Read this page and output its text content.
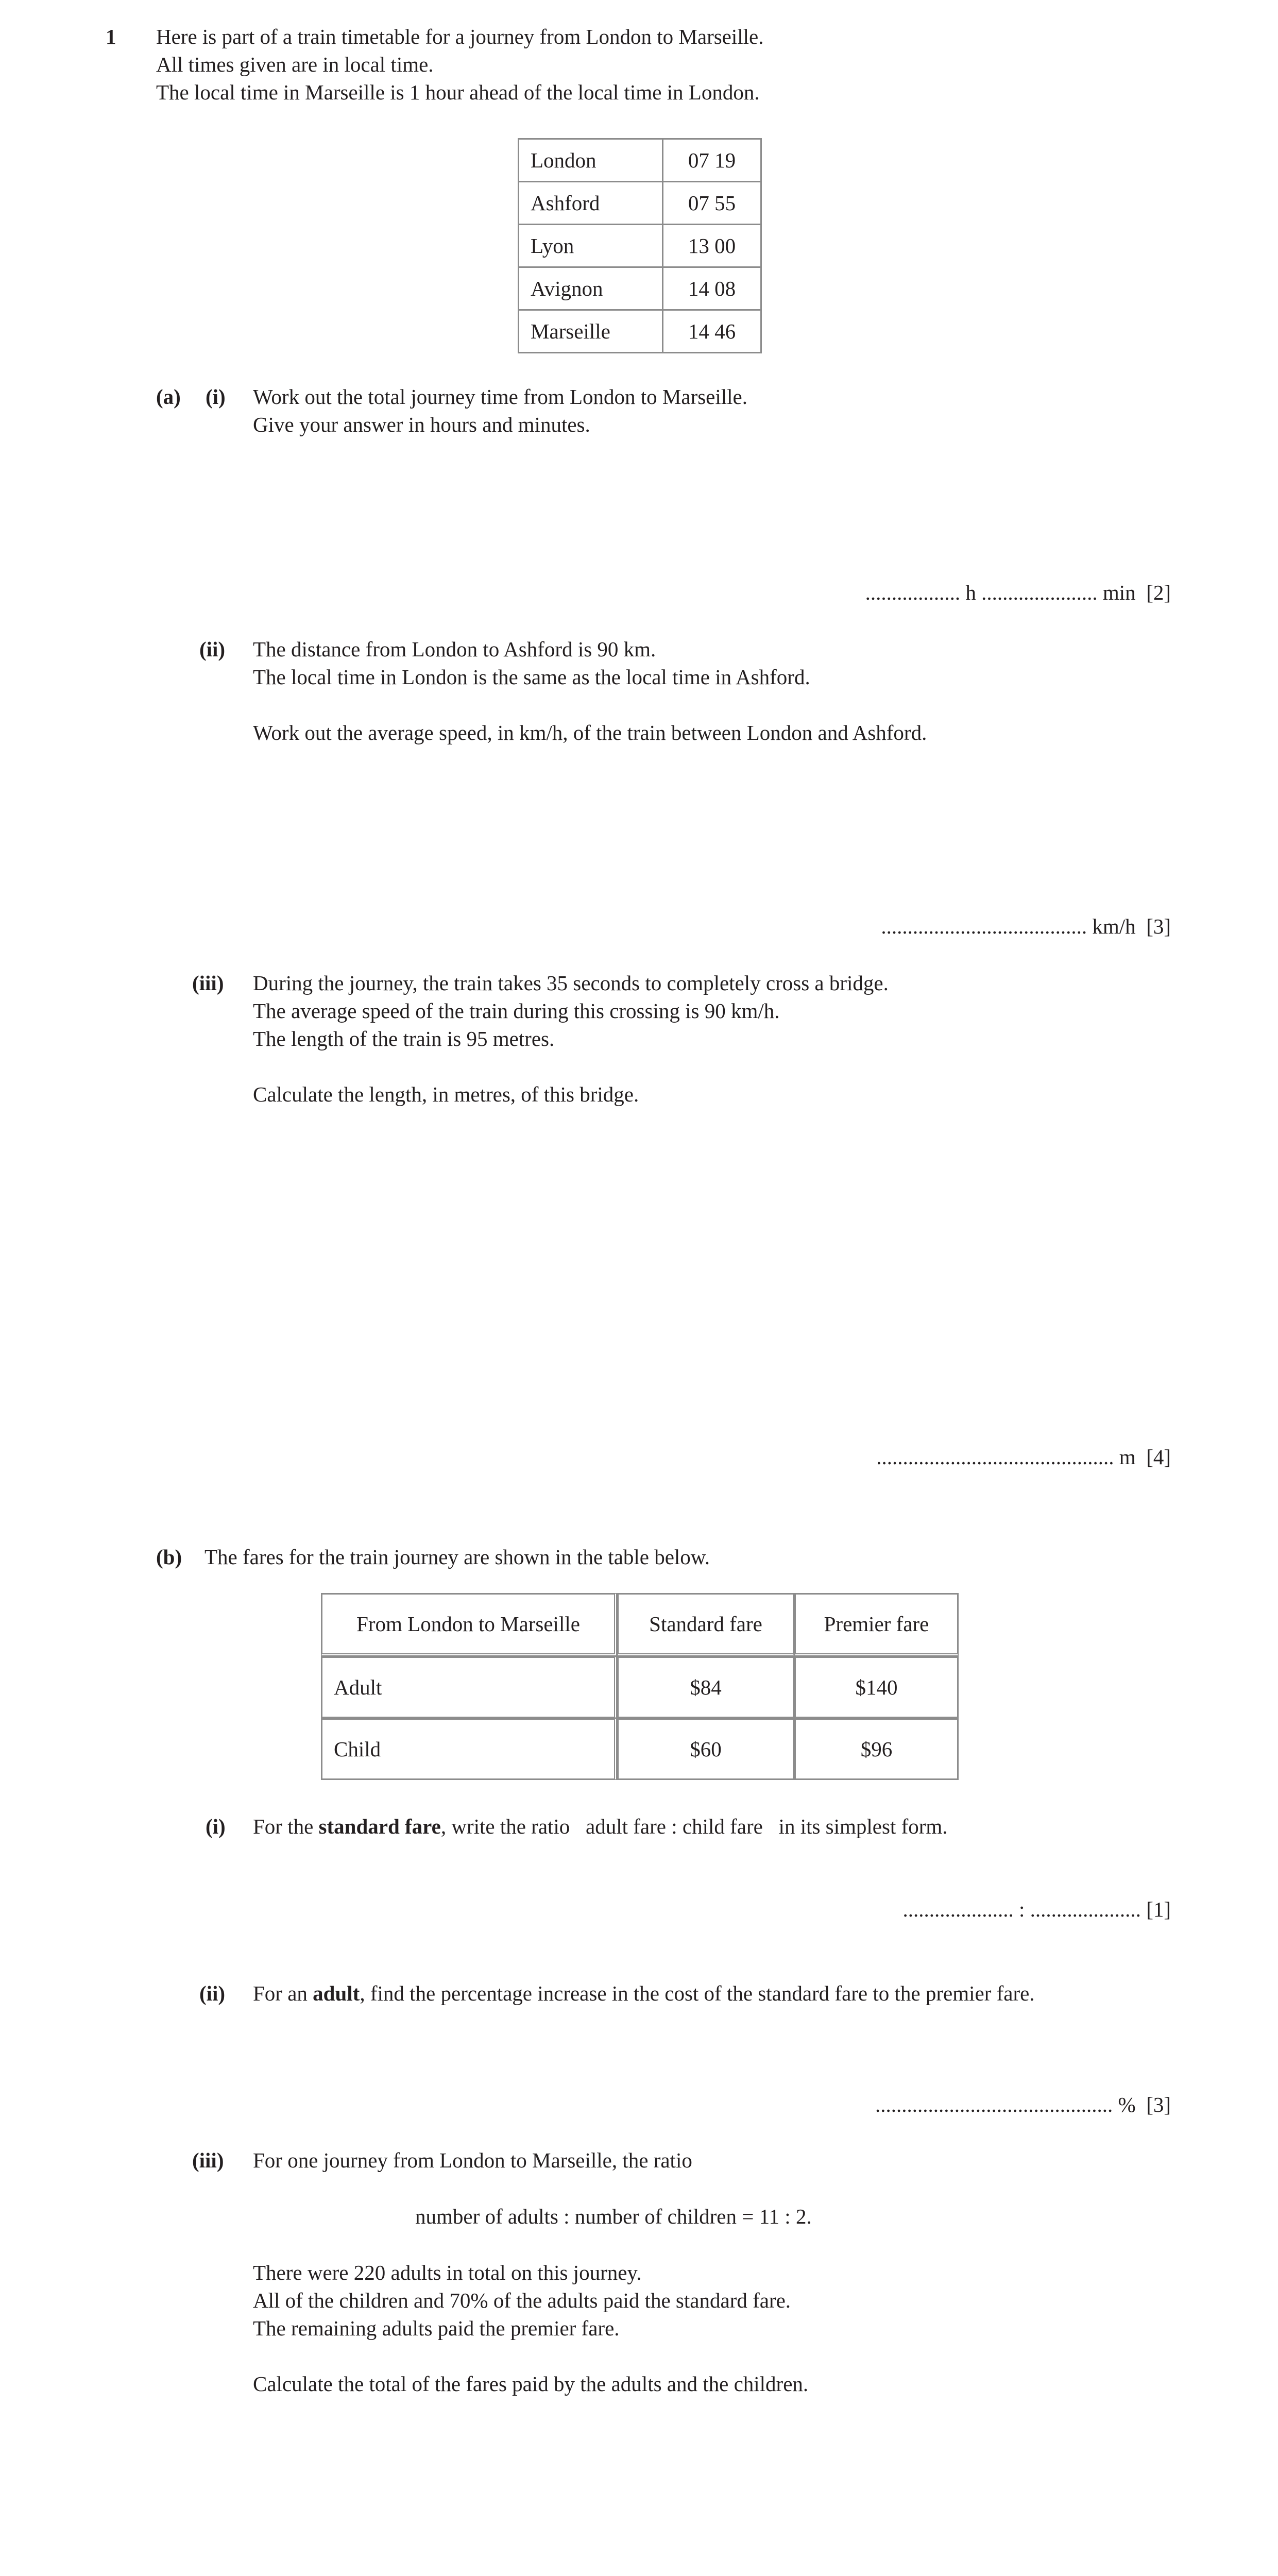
1 Here is part of a train timetable for a journey from London to Marseille.
All times given are in local time.
The local time in Marseille is 1 hour ahead of the local time in London.
London	07 19
Ashford	07 55
Lyon	13 00
Avignon	14 08
Marseille	14 46
(a) (i) Work out the total journey time from London to Marseille.
Give your answer in hours and minutes.
.................. h ...................... min [2]
(ii) The distance from London to Ashford is 90 km.
The local time in London is the same as the local time in Ashford.
Work out the average speed, in km/h, of the train between London and Ashford.
....................................... km/h [3]
(iii) During the journey, the train takes 35 seconds to completely cross a bridge.
The average speed of the train during this crossing is 90 km/h.
The length of the train is 95 metres.
Calculate the length, in metres, of this bridge.
............................................. m [4]
(b) The fares for the train journey are shown in the table below.
From London to Marseille	Standard fare	Premier fare
Adult	$84	$140
Child	$60	$96
(i) For the standard fare, write the ratio   adult fare : child fare   in its simplest form.
..................... : ..................... [1]
(ii) For an adult, find the percentage increase in the cost of the standard fare to the premier fare.
............................................. % [3]
(iii) For one journey from London to Marseille, the ratio
number of adults : number of children = 11 : 2.
There were 220 adults in total on this journey.
All of the children and 70% of the adults paid the standard fare.
The remaining adults paid the premier fare.
Calculate the total of the fares paid by the adults and the children.
